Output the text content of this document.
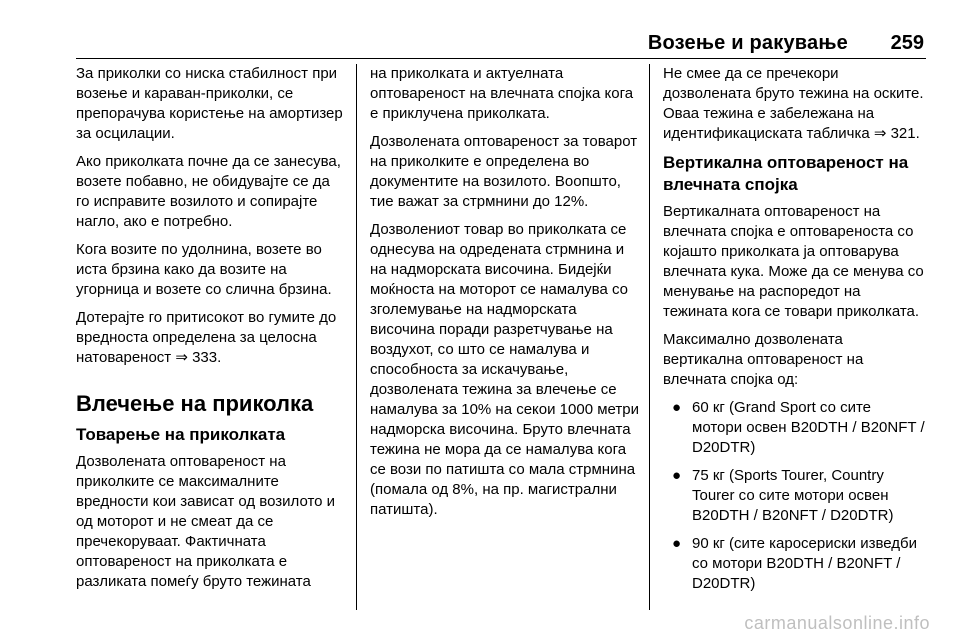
Возење и ракување 259

За приколки со ниска стабилност при возење и каравaн-приколки, се препорачува користење на амортизер за осцилации.

Ако приколката почне да се занесува, возете побавно, не обидувајте се да го исправите возилото и сопирајте нагло, ако е потребно.

Кога возите по удолнина, возете во иста брзина како да возите на угорница и возете со слична брзина.

Дотерајте го притисокот во гумите до вредноста определена за целосна натовареност ⇒ 333.

Влечење на приколка
Товарење на приколката

Дозволената оптовареност на приколките се максималните вредности кои зависат од возилото и од моторот и не смеат да се пречекоруваат. Фактичната оптовареност на приколката е разликата помеѓу бруто тежината

на приколката и актуелната оптовареност на влечната спојка кога е приклучена приколката.

Дозволената оптовареност за товарот на приколките е определена во документите на возилото. Воопшто, тие важат за стрмнини до 12%.

Дозволениот товар во приколката се однесува на одредената стрмнина и на надморската височина. Бидејќи моќноста на моторот се намалува со зголемување на надморската височина поради разретчување на воздухот, со што се намалува и способноста за искачување, дозволената тежина за влечење се намалува за 10% на секои 1000 метри надморска височина. Бруто влечната тежина не мора да се намалува кога се вози по патишта со мала стрмнина (помала од 8%, на пр. магистрални патишта).

Не смее да се пречекори дозволената бруто тежина на оските. Оваа тежина е забележана на идентификациската табличка ⇒ 321.

Вертикална оптовареност на влечната спојка

Вертикалната оптовареност на влечната спојка е оптовареноста со којашто приколката ја оптоварува влечната кука. Може да се менува со менување на распоредот на тежината кога се товари приколката.

Максимално дозволената вертикална оптовареност на влечната спојка од:

● 60 кг (Grand Sport со сите мотори освен B20DTH / B20NFT / D20DTR)
● 75 кг (Sports Tourer, Country Tourer со сите мотори освен B20DTH / B20NFT / D20DTR)
● 90 кг (сите каросериски изведби со мотори B20DTH / B20NFT / D20DTR)
carmanualsonline.info
